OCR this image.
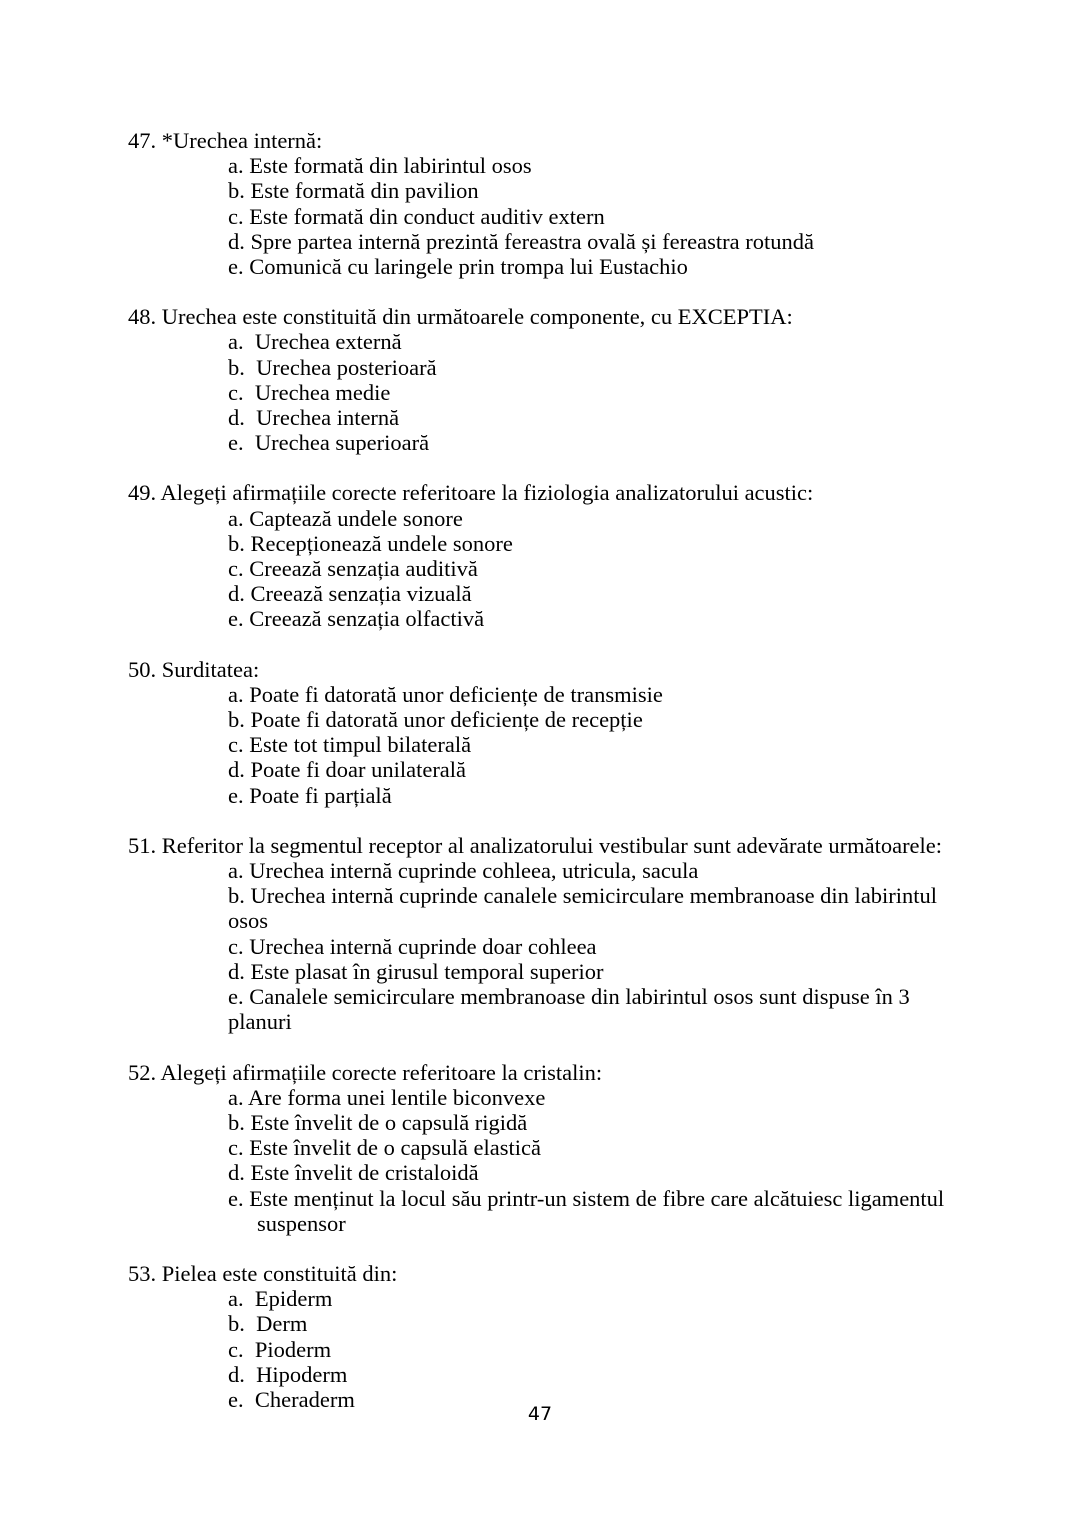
47. *Urechea internă:

a. Este formată din labirintul osos
b. Este formată din pavilion
c. Este formată din conduct auditiv extern
d. Spre partea internă prezintă fereastra ovală și fereastra rotundă
e. Comunică cu laringele prin trompa lui Eustachio

48. Urechea este constituită din următoarele componente, cu EXCEPTIA:

a.  Urechea externă
b.  Urechea posterioară
c.  Urechea medie
d.  Urechea internă
e.  Urechea superioară

49. Alegeți afirmațiile corecte referitoare la fiziologia analizatorului acustic:

a. Captează undele sonore
b. Recepționează undele sonore
c. Creează senzația auditivă
d. Creează senzația vizuală
e. Creează senzația olfactivă

50. Surditatea:

a. Poate fi datorată unor deficiențe de transmisie
b. Poate fi datorată unor deficiențe de recepție
c. Este tot timpul bilaterală
d. Poate fi doar unilaterală
e. Poate fi parțială

51. Referitor la segmentul receptor al analizatorului vestibular sunt adevărate următoarele:

a. Urechea internă cuprinde cohleea, utricula, sacula
b. Urechea internă cuprinde canalele semicirculare membranoase din labirintul osos
c. Urechea internă cuprinde doar cohleea
d. Este plasat în girusul temporal superior
e. Canalele semicirculare membranoase din labirintul osos sunt dispuse în 3 planuri

52. Alegeți afirmațiile corecte referitoare la cristalin:

a. Are forma unei lentile biconvexe
b. Este învelit de o capsulă rigidă
c. Este învelit de o capsulă elastică
d. Este învelit de cristaloidă
e. Este menținut la locul său printr-un sistem de fibre care alcătuiesc ligamentul
suspensor

53. Pielea este constituită din:

a.  Epiderm
b.  Derm
c.  Pioderm
d.  Hipoderm
e.  Cheraderm
47
